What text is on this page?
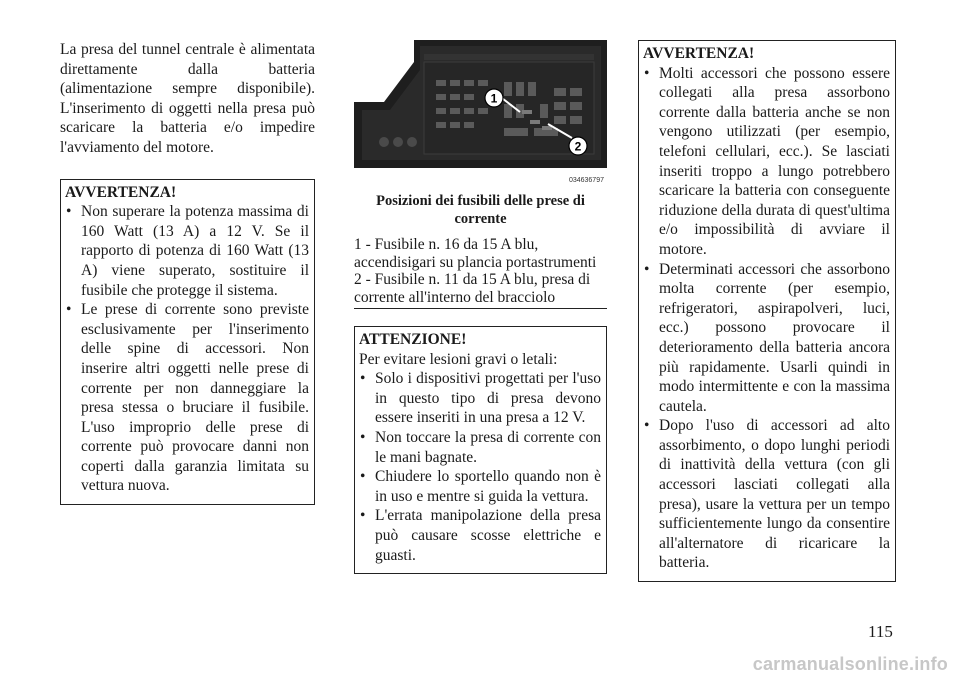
La presa del tunnel centrale è alimentata direttamente dalla batteria (alimentazione sempre disponibile). L'inserimento di oggetti nella presa può scaricare la batteria e/o impedire l'avviamento del motore.

AVVERTENZA!
• Non superare la potenza massima di 160 Watt (13 A) a 12 V. Se il rapporto di potenza di 160 Watt (13 A) viene superato, sostituire il fusibile che protegge il sistema.
• Le prese di corrente sono previste esclusivamente per l'inserimento delle spine di accessori. Non inserire altri oggetti nelle prese di corrente per non danneggiare la presa stessa o bruciare il fusibile. L'uso improprio delle prese di corrente può provocare danni non coperti dalla garanzia limitata su vettura nuova.
1
2
034636797
Posizioni dei fusibili delle prese di corrente

1 - Fusibile n. 16 da 15 A blu, accendisigari su plancia portastrumenti

2 - Fusibile n. 11 da 15 A blu, presa di corrente all'interno del bracciolo

ATTENZIONE!

Per evitare lesioni gravi o letali:

• Solo i dispositivi progettati per l'uso in questo tipo di presa devono essere inseriti in una presa a 12 V.
• Non toccare la presa di corrente con le mani bagnate.
• Chiudere lo sportello quando non è in uso e mentre si guida la vettura.
• L'errata manipolazione della presa può causare scosse elettriche e guasti.
AVVERTENZA!
• Molti accessori che possono essere collegati alla presa assorbono corrente dalla batteria anche se non vengono utilizzati (per esempio, telefoni cellulari, ecc.). Se lasciati inseriti troppo a lungo potrebbero scaricare la batteria con conseguente riduzione della durata di quest'ultima e/o impossibilità di avviare il motore.
• Determinati accessori che assorbono molta corrente (per esempio, refrigeratori, aspirapolveri, luci, ecc.) possono provocare il deterioramento della batteria ancora più rapidamente. Usarli quindi in modo intermittente e con la massima cautela.
• Dopo l'uso di accessori ad alto assorbimento, o dopo lunghi periodi di inattività della vettura (con gli accessori lasciati collegati alla presa), usare la vettura per un tempo sufficientemente lungo da consentire all'alternatore di ricaricare la batteria.
115
carmanualsonline.info
